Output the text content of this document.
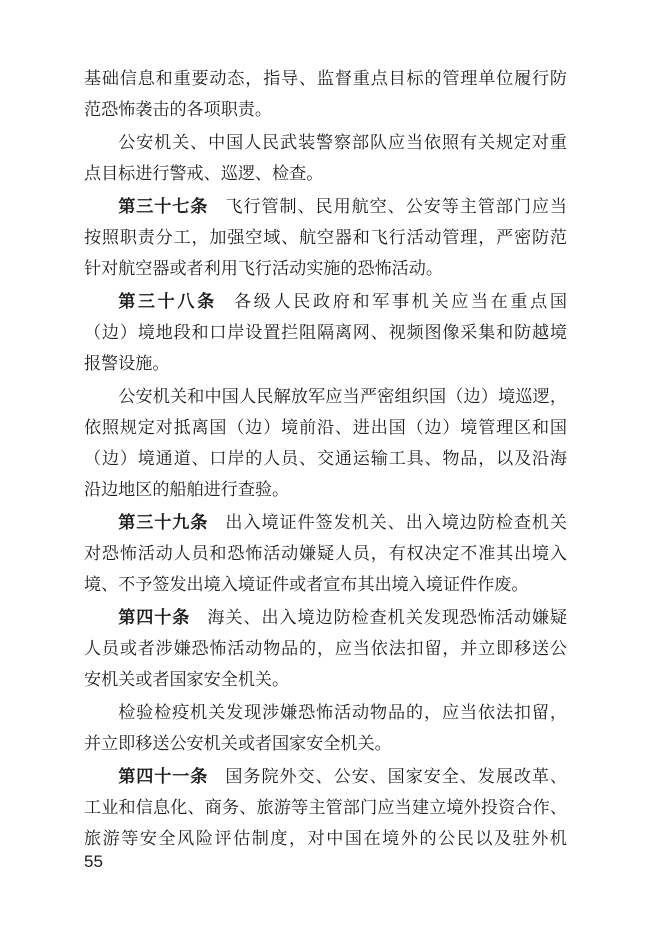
基础信息和重要动态，指导、监督重点目标的管理单位履行防
范恐怖袭击的各项职责。
公安机关、中国人民武装警察部队应当依照有关规定对重
点目标进行警戒、巡逻、检查。
第三十七条 飞行管制、民用航空、公安等主管部门应当
按照职责分工，加强空域、航空器和飞行活动管理，严密防范
针对航空器或者利用飞行活动实施的恐怖活动。
第三十八条 各级人民政府和军事机关应当在重点国
（边）境地段和口岸设置拦阻隔离网、视频图像采集和防越境
报警设施。
公安机关和中国人民解放军应当严密组织国（边）境巡逻，
依照规定对抵离国（边）境前沿、进出国（边）境管理区和国
（边）境通道、口岸的人员、交通运输工具、物品，以及沿海
沿边地区的船舶进行查验。
第三十九条 出入境证件签发机关、出入境边防检查机关
对恐怖活动人员和恐怖活动嫌疑人员，有权决定不准其出境入
境、不予签发出境入境证件或者宣布其出境入境证件作废。
第四十条 海关、出入境边防检查机关发现恐怖活动嫌疑
人员或者涉嫌恐怖活动物品的，应当依法扣留，并立即移送公
安机关或者国家安全机关。
检验检疫机关发现涉嫌恐怖活动物品的，应当依法扣留，
并立即移送公安机关或者国家安全机关。
第四十一条 国务院外交、公安、国家安全、发展改革、
工业和信息化、商务、旅游等主管部门应当建立境外投资合作、
旅游等安全风险评估制度，对中国在境外的公民以及驻外机
55
